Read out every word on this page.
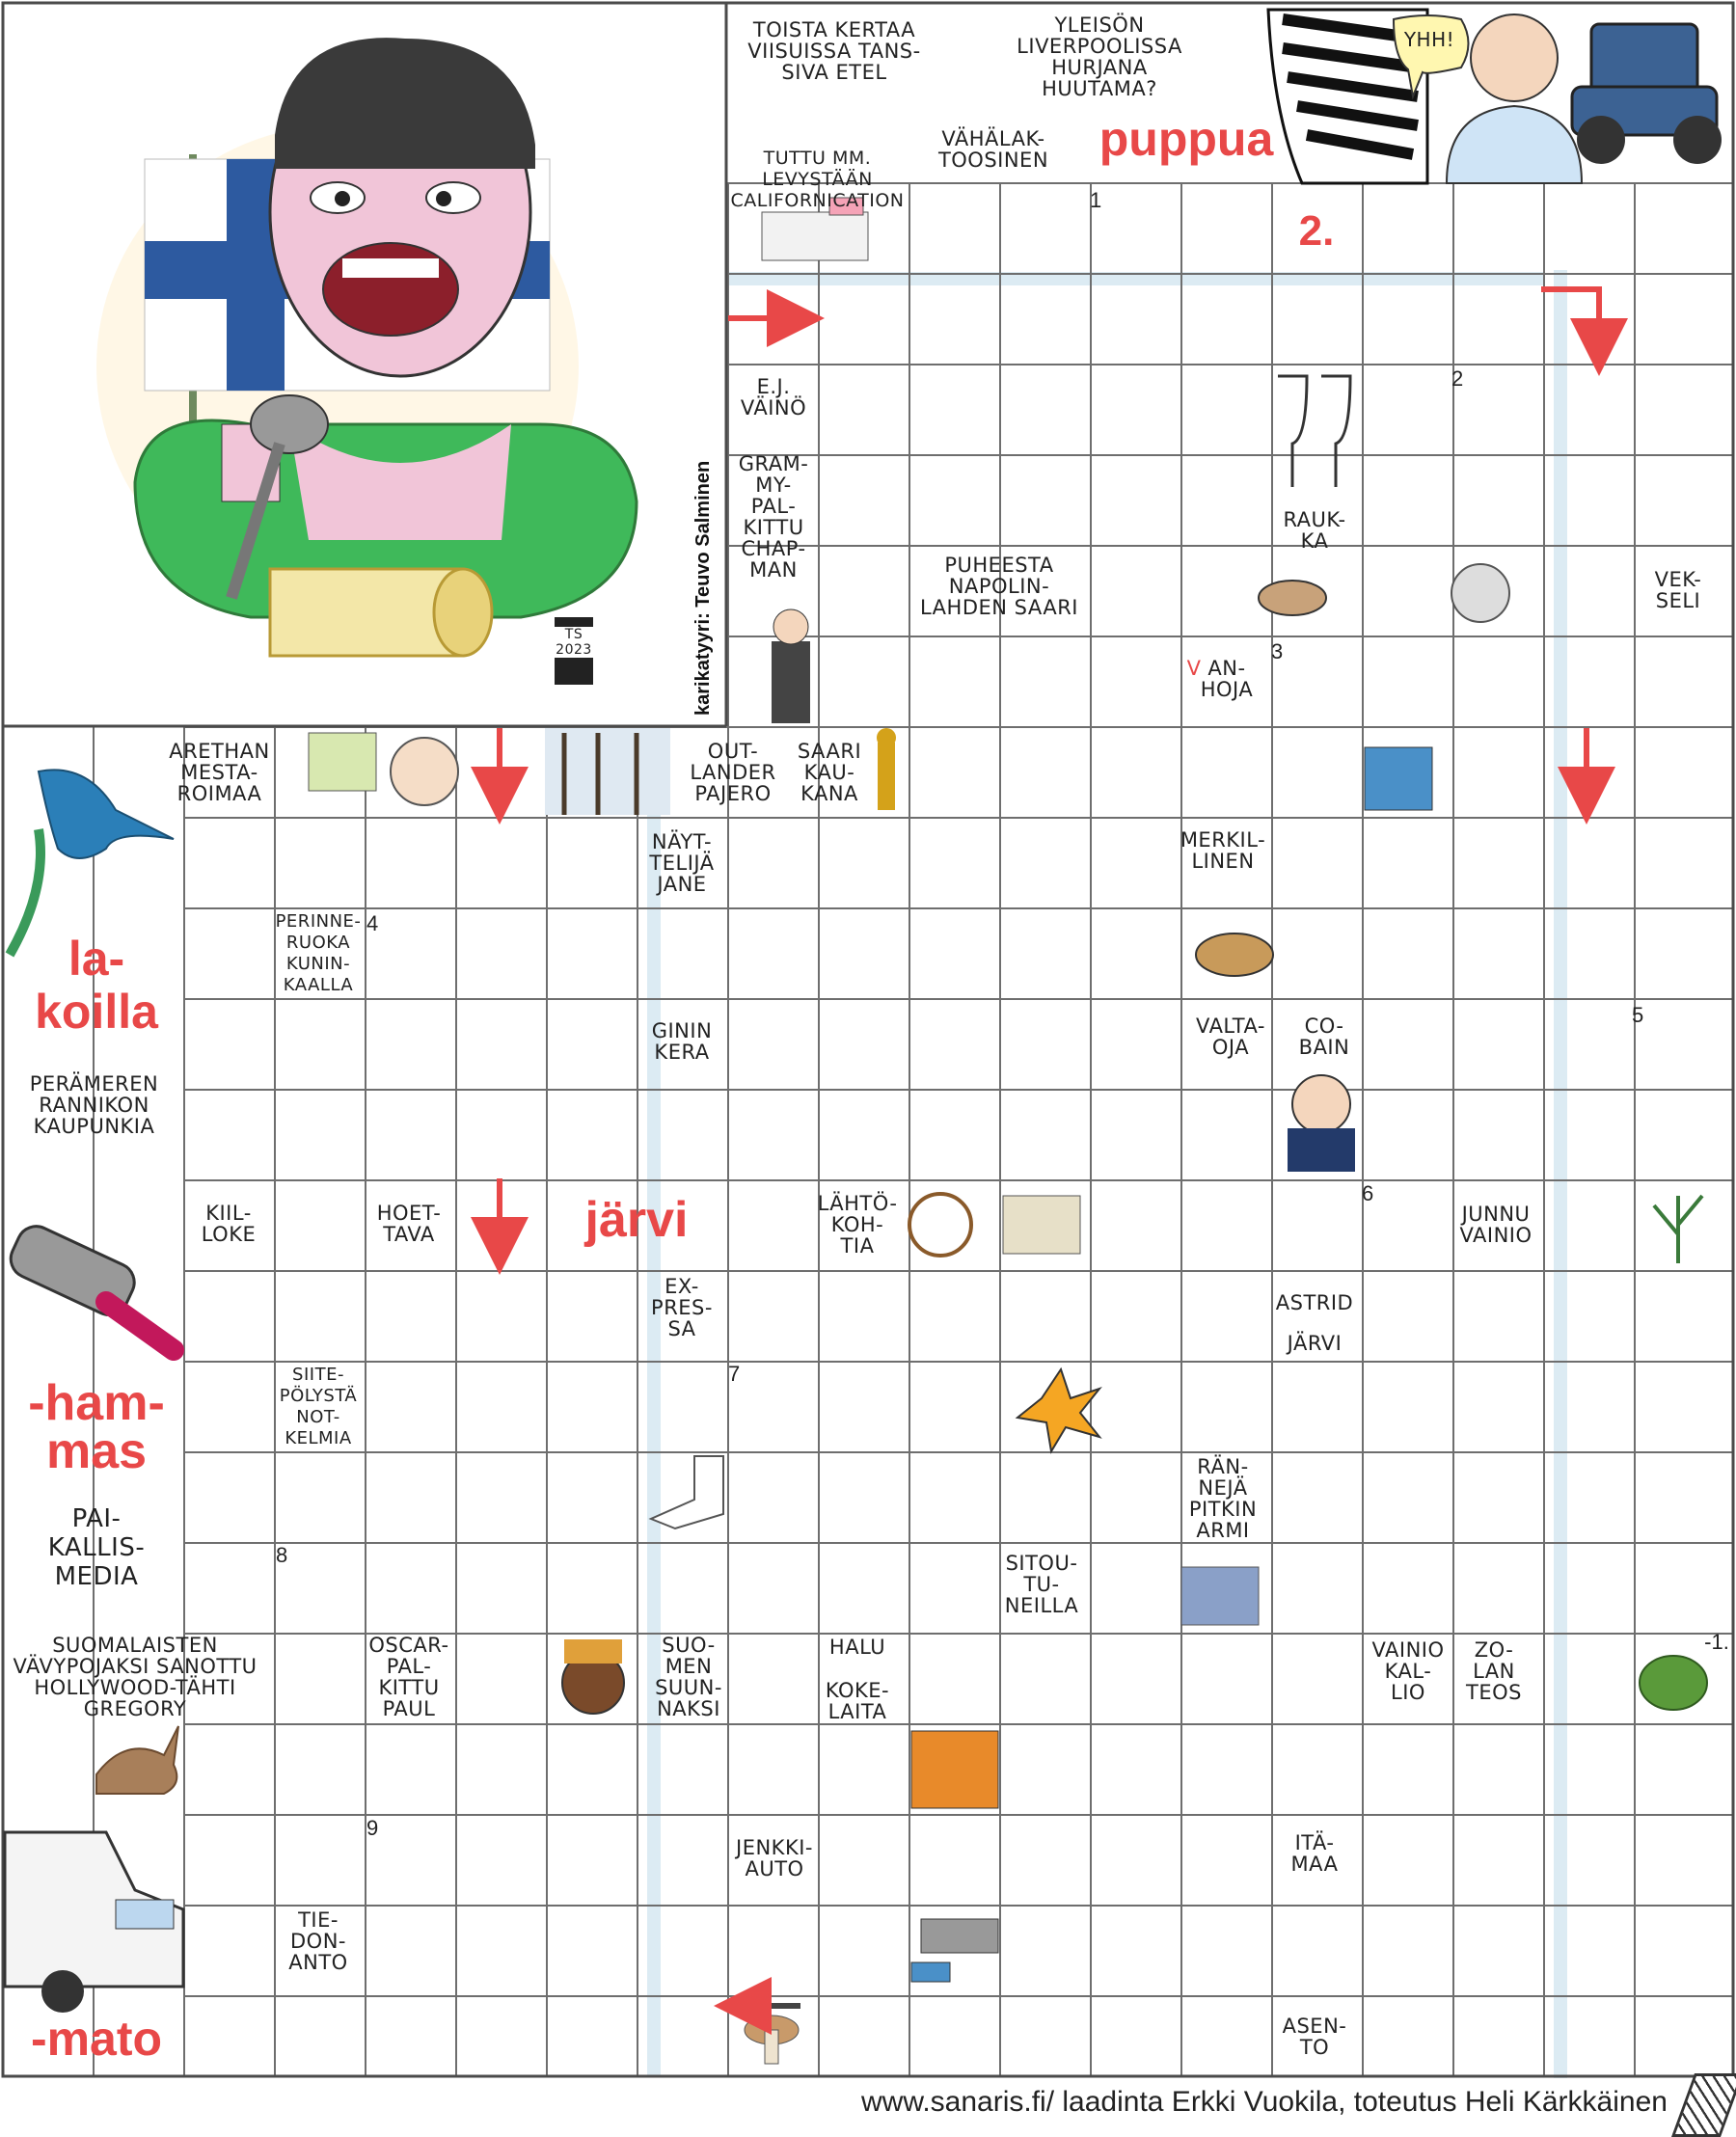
TOISTA KERTAA
VIISUISSA TANS-
SIVA ETEL
YLEISÖN
LIVERPOOLISSA
HURJANA
HUUTAMA?
VÄHÄLAK-
TOOSINEN
TUTTU MM.
LEVYSTÄÄN
CALIFORNICATION
E.J.
VÄINÖ
GRAM-
MY-
PAL-
KITTU
CHAP-
MAN	PUHEESTA
NAPOLIN-
LAHDEN SAARI
RAUK-
KA
VEK-
SELI
V AN-
HOJA
ARETHAN
MESTA-
ROIMAA
OUT-
LANDER
PAJERO
SAARI
KAU-
KANA
NÄYT-
TELIJÄ
JANE
MERKIL-
LINEN
PERINNE-
RUOKA
KUNIN-
KAALLA
GININ
KERA
VALTA-
OJA
CO-
BAIN
PERÄMEREN
RANNIKON
KAUPUNKIA
KIIL-
LOKE
HOET-
TAVA
LÄHTÖ-
KOH-
TIA
JUNNU
VAINIO
EX-
PRES-
SA
ASTRID
JÄRVI
SIITE-
PÖLYSTÄ
NOT-
KELMIA
RÄN-
NEJÄ
PITKIN
ARMI
PAI-
KALLIS-
MEDIA	SITOU-
TU-
NEILLA
SUOMALAISTEN
VÄVYPOJAKSI SANOTTU
HOLLYWOOD-TÄHTI
GREGORY
OSCAR-
PAL-
KITTU
PAUL
SUO-
MEN
SUUN-
NAKSI
HALU
KOKE-
LAITA
VAINIO
KAL-
LIO
ZO-
LAN
TEOS
JENKKI-
AUTO
ITÄ-
MAA
TIE-
DON-
ANTO
ASEN-
TO
YHH!
puppua
2.
la-
koilla
järvi
-ham-
mas
-mato
-1.
1
2
3
4
5
6
7
8
9
karikatyyri: Teuvo Salminen
TS 2023
www.sanaris.fi/ laadinta Erkki Vuokila, toteutus Heli Kärkkäinen
